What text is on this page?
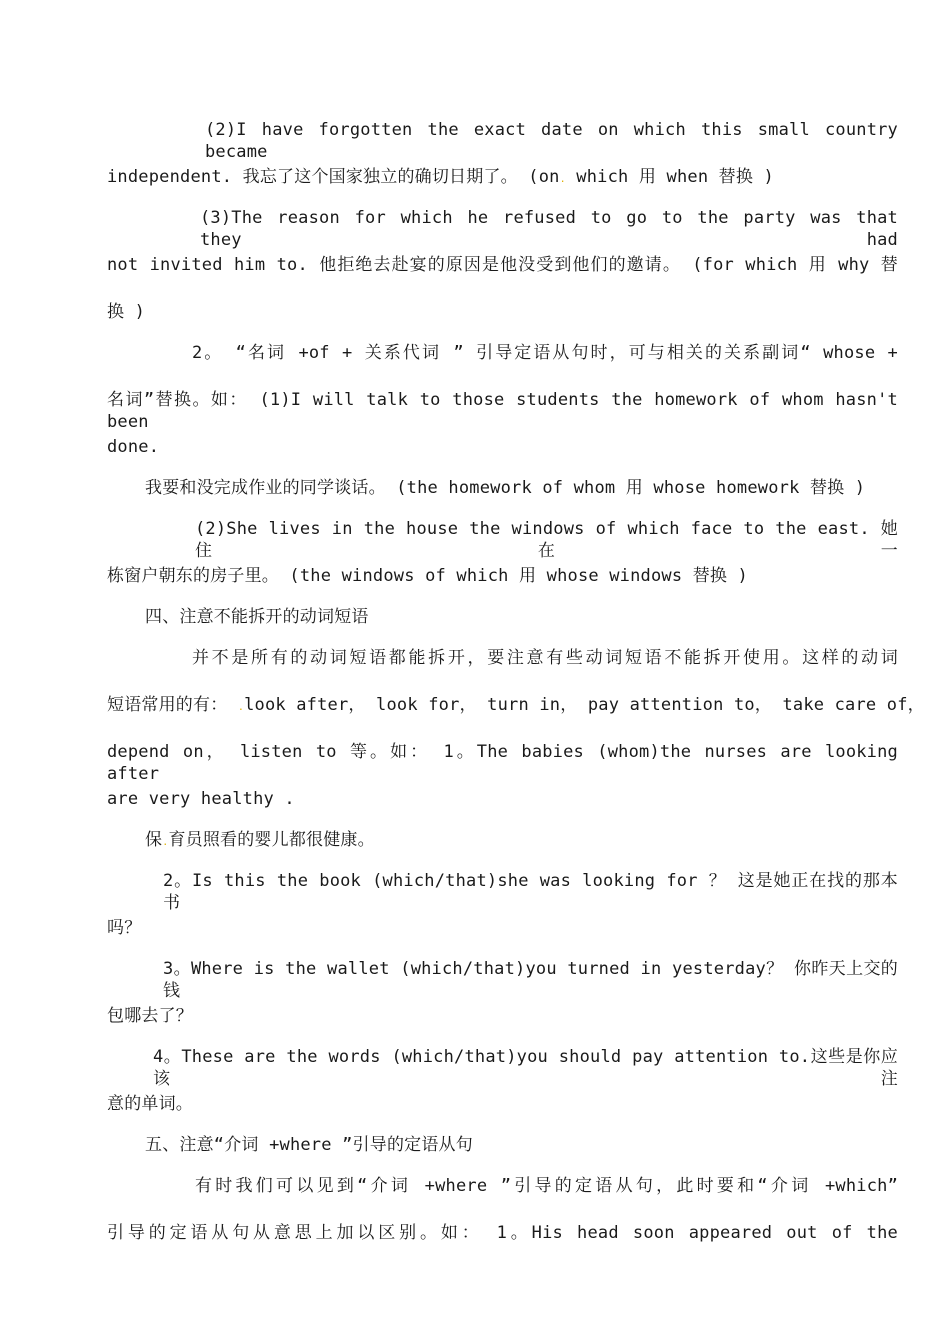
(2)I have forgotten the exact date on which this small country became
independent. 我忘了这个国家独立的确切日期了。 (on. which 用 when 替换 )
(3)The reason for which he refused to go to the party was that they had
not invited him to. 他拒绝去赴宴的原因是他没受到他们的邀请。 (for which 用 why 替
换 )
2。 “名词 +of + 关系代词 ” 引导定语从句时，可与相关的关系副词“ whose +
名词”替换。如： (1)I will talk to those students the homework of whom hasn't been
done.
我要和没完成作业的同学谈话。 (the homework of whom 用 whose homework 替换 )
(2)She lives in the house the windows of which face to the east. 她住在一
栋窗户朝东的房子里。 (the windows of which 用 whose windows 替换 )
四、注意不能拆开的动词短语
并不是所有的动词短语都能拆开，要注意有些动词短语不能拆开使用。这样的动词
短语常用的有： .look after， look for， turn in， pay attention to， take care of，
depend on， listen to 等。如： 1。The babies (whom)the nurses are looking after
are very healthy .
保.育员照看的婴儿都很健康。
2。Is this the book (which/that)she was looking for ？ 这是她正在找的那本书
吗？
3。Where is the wallet (which/that)you turned in yesterday？ 你昨天上交的钱
包哪去了？
4。These are the words (which/that)you should pay attention to.这些是你应该注
意的单词。
五、注意“介词 +where ”引导的定语从句
有时我们可以见到“介词 +where ”引导的定语从句，此时要和“介词 +which”
引导的定语从句从意思上加以区别。如： 1。His head soon appeared out of the
